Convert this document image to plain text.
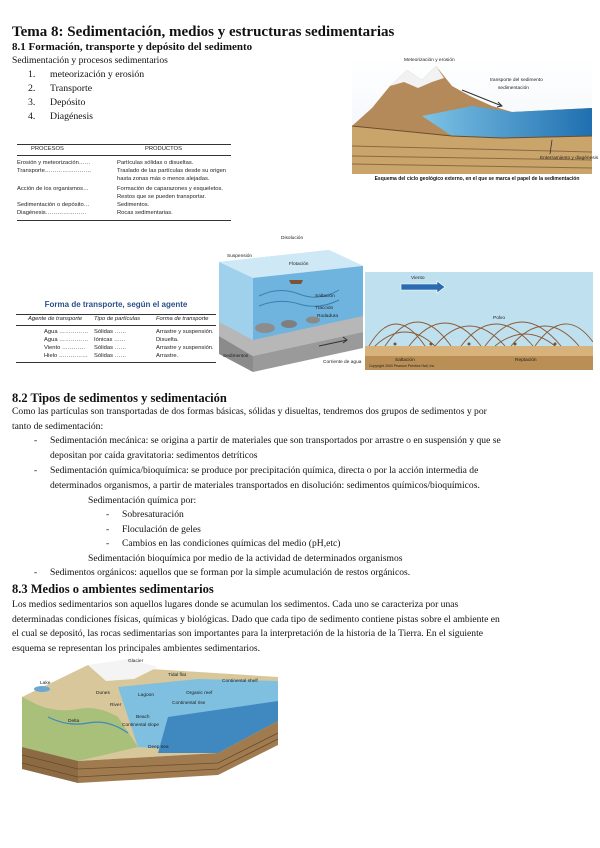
Tema 8: Sedimentación, medios y estructuras sedimentarias
8.1 Formación, transporte y depósito del sedimento
Sedimentación y procesos sedimentarios
1. meteorización y erosión
2. Transporte
3. Depósito
4. Diagénesis
PROCESOS	PRODUCTOS
Erosión y meteorización……	Partículas sólidas o disueltas.
Transporte……………………	Traslado de las partículas desde su origen
hasta zonas más o menos alejadas.
Acción de los organismos…	Formación de caparazones y esqueletos.
Restos que se pueden transportar.
Sedimentación o depósito…	Sedimentos.
Diagénesis…………………	Rocas sedimentarias.
Meteorización y erosión
transporte del sedimento
sedimentación
Enterramiento y diagénesis
Esquema del ciclo geológico externo, en el que se marca el papel de la sedimentación
Forma de transporte, según el agente
Agente de transporte Tipo de partículas	Forma de transporte
Agua …………… Sólidas ……	Arrastre y suspensión.
Agua …………… Iónicas ……	Disuelta.
Viento ………… Sólidas ……	Arrastre y suspensión.
Hielo …………… Sólidas ……	Arrastre.
Disolución
Suspensión
Flotación
Saltación
Tracción
Rodadura
Corriente de agua
Sedimentos
Viento
Polvo
Saltación	Reptación
Copyright 2004 Pearson Prentice Hall, Inc.
8.2 Tipos de sedimentos y sedimentación
Como las partículas son transportadas de dos formas básicas, sólidas y disueltas, tendremos dos grupos de sedimentos y por
tanto de sedimentación:
-	Sedimentación mecánica: se origina a partir de materiales que son transportados por arrastre o en suspensión y que se
depositan por caída gravitatoria: sedimentos detríticos
-	Sedimentación química/bioquímica: se produce por precipitación química, directa o por la acción intermedia de
determinados organismos, a partir de materiales transportados en disolución: sedimentos químicos/bioquímicos.
Sedimentación química por:
- Sobresaturación
- Floculación de geles
- Cambios en las condiciones químicas del medio (pH,etc)
Sedimentación bioquímica por medio de la actividad de determinados organismos
-	Sedimentos orgánicos: aquellos que se forman por la simple acumulación de restos orgánicos.
8.3 Medios o ambientes sedimentarios
Los medios sedimentarios son aquellos lugares donde se acumulan los sedimentos. Cada uno se caracteriza por unas
determinadas condiciones físicas, químicas y biológicas. Dado que cada tipo de sedimento contiene pistas sobre el ambiente en
el cual se depositó, las rocas sedimentarias son importantes para la interpretación de la historia de la Tierra. En el siguiente
esquema se representan los principales ambientes sedimentarios.
Glacier
Lake
Tidal flat
Dunes
Delta
River
Continental shelf
Organic reef
Beach
Continental slope
Deep sea
Continental rise
Lagoon
